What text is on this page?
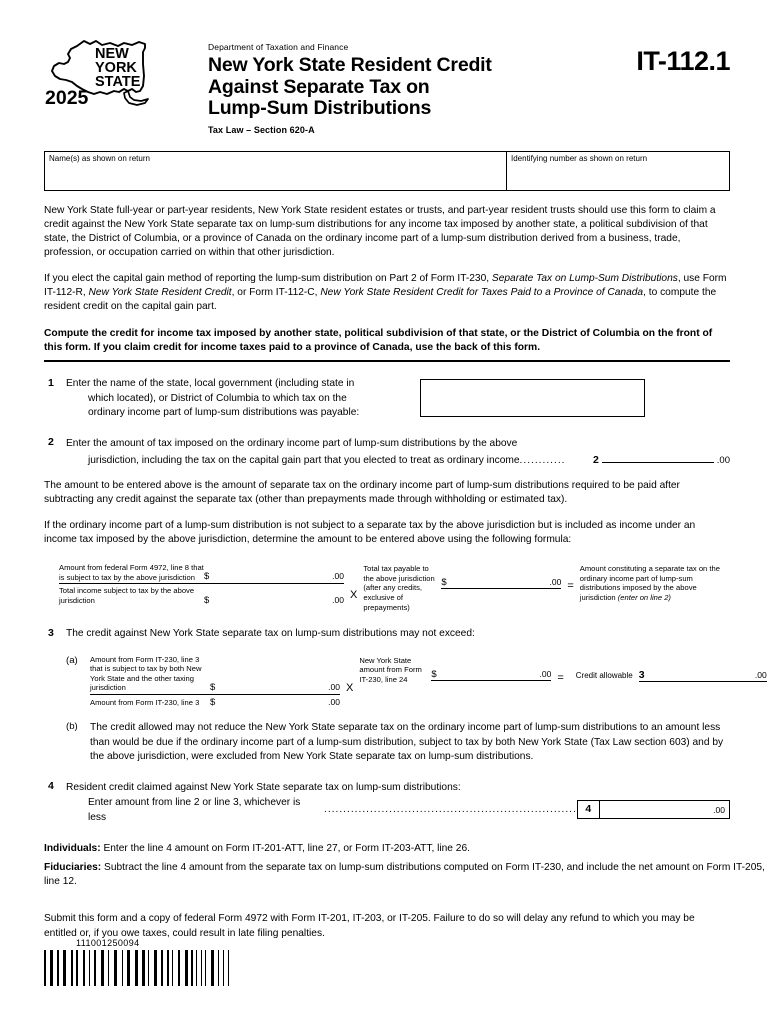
NEW
YORK
STATE
2025
Department of Taxation and Finance
New York State Resident Credit
Against Separate Tax on
Lump-Sum Distributions
Tax Law – Section 620-A
IT-112.1
Name(s) as shown on return	Identifying number as shown on return

New York State full-year or part-year residents, New York State resident estates or trusts, and part-year resident trusts should use this form to claim a credit against the New York State separate tax on lump-sum distributions for any income tax imposed by another state, a political subdivision of that state, the District of Columbia, or a province of Canada on the ordinary income part of a lump-sum distribution derived from a business, trade, profession, or occupation carried on within that other jurisdiction.

If you elect the capital gain method of reporting the lump-sum distribution on Part 2 of Form IT-230, Separate Tax on Lump-Sum Distributions, use Form IT-112-R, New York State Resident Credit, or Form IT-112-C, New York State Resident Credit for Taxes Paid to a Province of Canada, to compute the resident credit on the capital gain part.

Compute the credit for income tax imposed by another state, political subdivision of that state, or the District of Columbia on the front of this form. If you claim credit for income taxes paid to a province of Canada, use the back of this form.

1	Enter the name of the state, local government (including state in
which located), or District of Columbia to which tax on the
ordinary income part of lump-sum distributions was payable:
2	Enter the amount of tax imposed on the ordinary income part of lump-sum distributions by the above
jurisdiction, including the tax on the capital gain part that you elected to treat as ordinary income ............	2	.00

The amount to be entered above is the amount of separate tax on the ordinary income part of lump-sum distributions required to be paid after subtracting any credit against the separate tax (other than prepayments made through withholding or estimated tax).

If the ordinary income part of a lump-sum distribution is not subject to a separate tax by the above jurisdiction but is included as income under an income tax imposed by the above jurisdiction, determine the amount to be entered above using the following formula:

Amount from federal Form 4972, line 8 that is subject to tax by the above jurisdiction $	.00
Total income subject to tax by the above jurisdiction	$	.00 X
Total tax payable to the above jurisdiction (after any credits, exclusive of prepayments)
$	.00 =
Amount constituting a separate tax on the ordinary income part of lump-sum distributions imposed by the above jurisdiction (enter on line 2)
3	The credit against New York State separate tax on lump-sum distributions may not exceed:
(a)	Amount from Form IT-230, line 3 that is subject to tax by both New York State and the other taxing jurisdiction	$	.00
Amount from Form IT-230, line 3	$	.00
X
New York State amount from Form IT-230, line 24	$	.00 =	Credit allowable 3	.00
(b)	The credit allowed may not reduce the New York State separate tax on the ordinary income part of lump-sum distributions to an amount less than would be due if the ordinary income part of a lump-sum distribution, subject to tax by both New York State (Tax Law section 603) and by the above jurisdiction, were excluded from New York State separate tax on lump-sum distributions.
4	Resident credit claimed against New York State separate tax on lump-sum distributions:
Enter amount from line 2 or line 3, whichever is less
.................................................................. 4	.00
Individuals: Enter the line 4 amount on Form IT-201-ATT, line 27, or Form IT-203-ATT, line 26.
Fiduciaries: Subtract the line 4 amount from the separate tax on lump-sum distributions computed on Form IT-230, and include the net amount on Form IT-205, line 12.

Submit this form and a copy of federal Form 4972 with Form IT-201, IT-203, or IT-205. Failure to do so will delay any refund to which you may be entitled or, if you owe taxes, could result in late filing penalties.

111001250094
